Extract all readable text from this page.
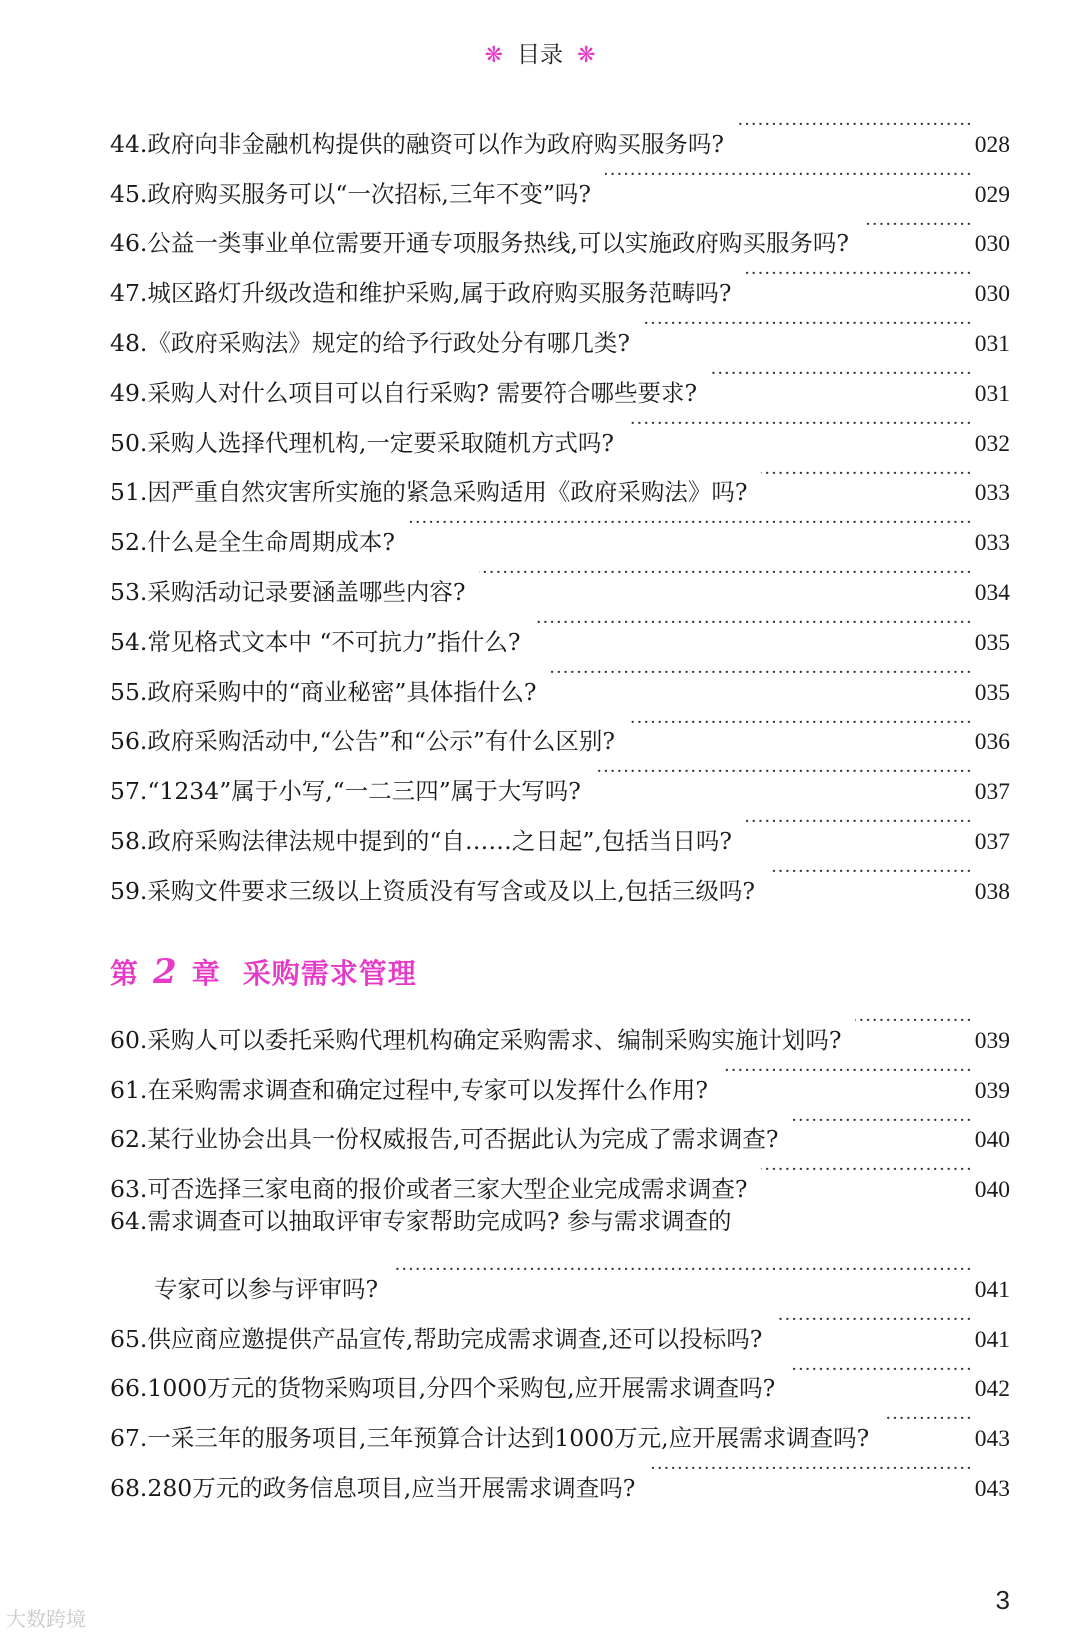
❋ 目录 ❋
44.政府向非金融机构提供的融资可以作为政府购买服务吗? ·····	028
45.政府购买服务可以“一次招标,三年不变”吗? ·····	029
46.公益一类事业单位需要开通专项服务热线,可以实施政府购买服务吗? ·····	030
47.城区路灯升级改造和维护采购,属于政府购买服务范畴吗? ·····	030
48.《政府采购法》规定的给予行政处分有哪几类? ·····	031
49.采购人对什么项目可以自行采购? 需要符合哪些要求? ·····	031
50.采购人选择代理机构,一定要采取随机方式吗? ·····	032
51.因严重自然灾害所实施的紧急采购适用《政府采购法》吗? ·····	033
52.什么是全生命周期成本? ·····	033
53.采购活动记录要涵盖哪些内容? ·····	034
54.常见格式文本中 “不可抗力”指什么? ·····	035
55.政府采购中的“商业秘密”具体指什么? ·····	035
56.政府采购活动中,“公告”和“公示”有什么区别? ·····	036
57.“1234”属于小写,“一二三四”属于大写吗? ·····	037
58.政府采购法律法规中提到的“自……之日起”,包括当日吗? ·····	037
59.采购文件要求三级以上资质没有写含或及以上,包括三级吗? ·····	038
第 2 章 采购需求管理
60.采购人可以委托采购代理机构确定采购需求、编制采购实施计划吗? ·····	039
61.在采购需求调查和确定过程中,专家可以发挥什么作用? ·····	039
62.某行业协会出具一份权威报告,可否据此认为完成了需求调查? ·····	040
63.可否选择三家电商的报价或者三家大型企业完成需求调查? ·····	040
64.需求调查可以抽取评审专家帮助完成吗? 参与需求调查的
专家可以参与评审吗? ·····	041
65.供应商应邀提供产品宣传,帮助完成需求调查,还可以投标吗? ·····	041
66.1000万元的货物采购项目,分四个采购包,应开展需求调查吗? ·····	042
67.一采三年的服务项目,三年预算合计达到1000万元,应开展需求调查吗? ·····	043
68.280万元的政务信息项目,应当开展需求调查吗? ·····	043
3
大数跨境
